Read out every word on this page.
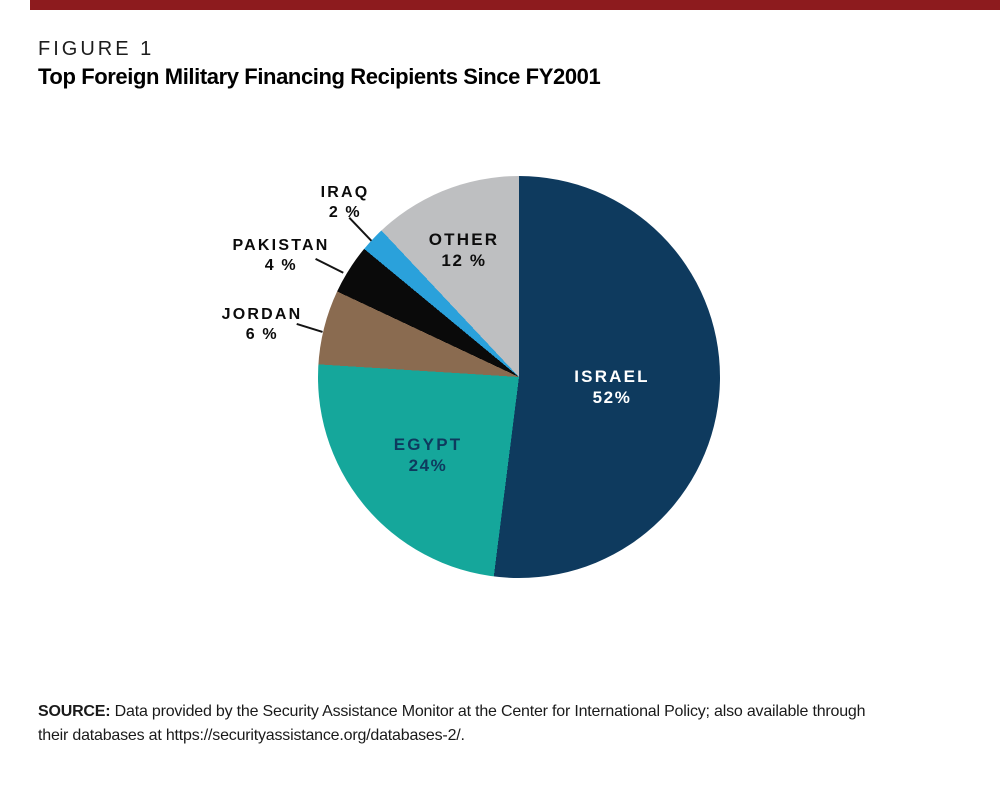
FIGURE 1
Top Foreign Military Financing Recipients Since FY2001
ISRAEL
52%
EGYPT
24%
JORDAN
6 %
PAKISTAN
4 %
IRAQ
2 %
OTHER
12 %

SOURCE: Data provided by the Security Assistance Monitor at the Center for International Policy; also available through
their databases at https://securityassistance.org/databases-2/.
